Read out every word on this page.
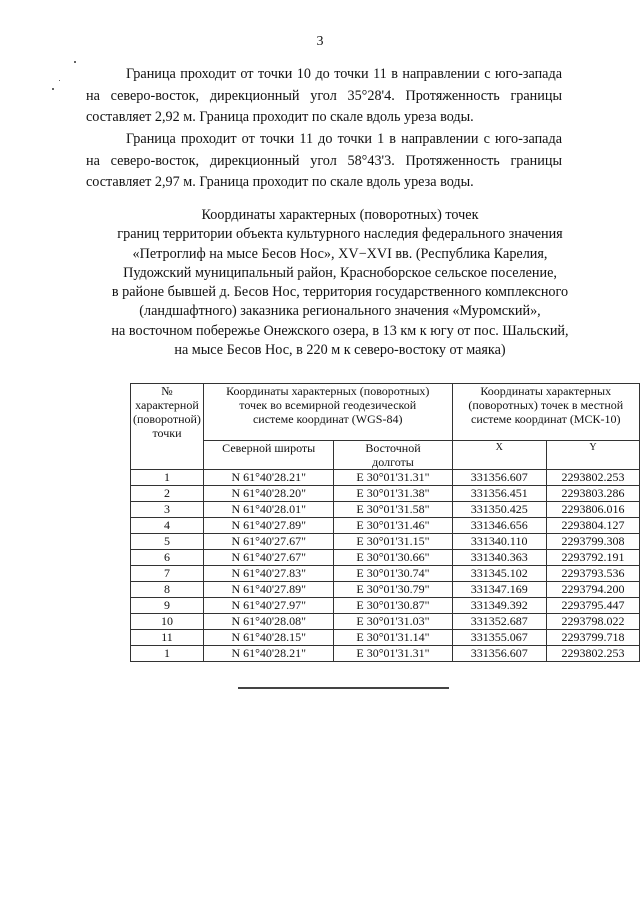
3
Граница проходит от точки 10 до точки 11 в направлении с юго-запада на северо-восток, дирекционный угол 35°28'4. Протяженность границы составляет 2,92 м. Граница проходит по скале вдоль уреза воды.
Граница проходит от точки 11 до точки 1 в направлении с юго-запада на северо-восток, дирекционный угол 58°43'3. Протяженность границы составляет 2,97 м. Граница проходит по скале вдоль уреза воды.
Координаты характерных (поворотных) точек
границ территории объекта культурного наследия федерального значения
«Петроглиф на мысе Бесов Нос», XV−XVI вв. (Республика Карелия,
Пудожский муниципальный район, Красноборское сельское поселение,
в районе бывшей д. Бесов Нос, территория государственного комплексного
(ландшафтного) заказника регионального значения «Муромский»,
на восточном побережье Онежского озера, в 13 км к югу от пос. Шальский,
на мысе Бесов Нос, в 220 м к северо-востоку от маяка)
№ характерной (поворотной) точки	Координаты характерных (поворотных) точек во всемирной геодезической системе координат (WGS-84)		Координаты характерных (поворотных) точек в местной системе координат (МСК-10)	
	Северной широты	Восточной долготы	X	Y
1	N 61°40'28.21"	E 30°01'31.31"	331356.607	2293802.253
2	N 61°40'28.20"	E 30°01'31.38"	331356.451	2293803.286
3	N 61°40'28.01"	E 30°01'31.58"	331350.425	2293806.016
4	N 61°40'27.89"	E 30°01'31.46"	331346.656	2293804.127
5	N 61°40'27.67"	E 30°01'31.15"	331340.110	2293799.308
6	N 61°40'27.67"	E 30°01'30.66"	331340.363	2293792.191
7	N 61°40'27.83"	E 30°01'30.74"	331345.102	2293793.536
8	N 61°40'27.89"	E 30°01'30.79"	331347.169	2293794.200
9	N 61°40'27.97"	E 30°01'30.87"	331349.392	2293795.447
10	N 61°40'28.08"	E 30°01'31.03"	331352.687	2293798.022
11	N 61°40'28.15"	E 30°01'31.14"	331355.067	2293799.718
1	N 61°40'28.21"	E 30°01'31.31"	331356.607	2293802.253
